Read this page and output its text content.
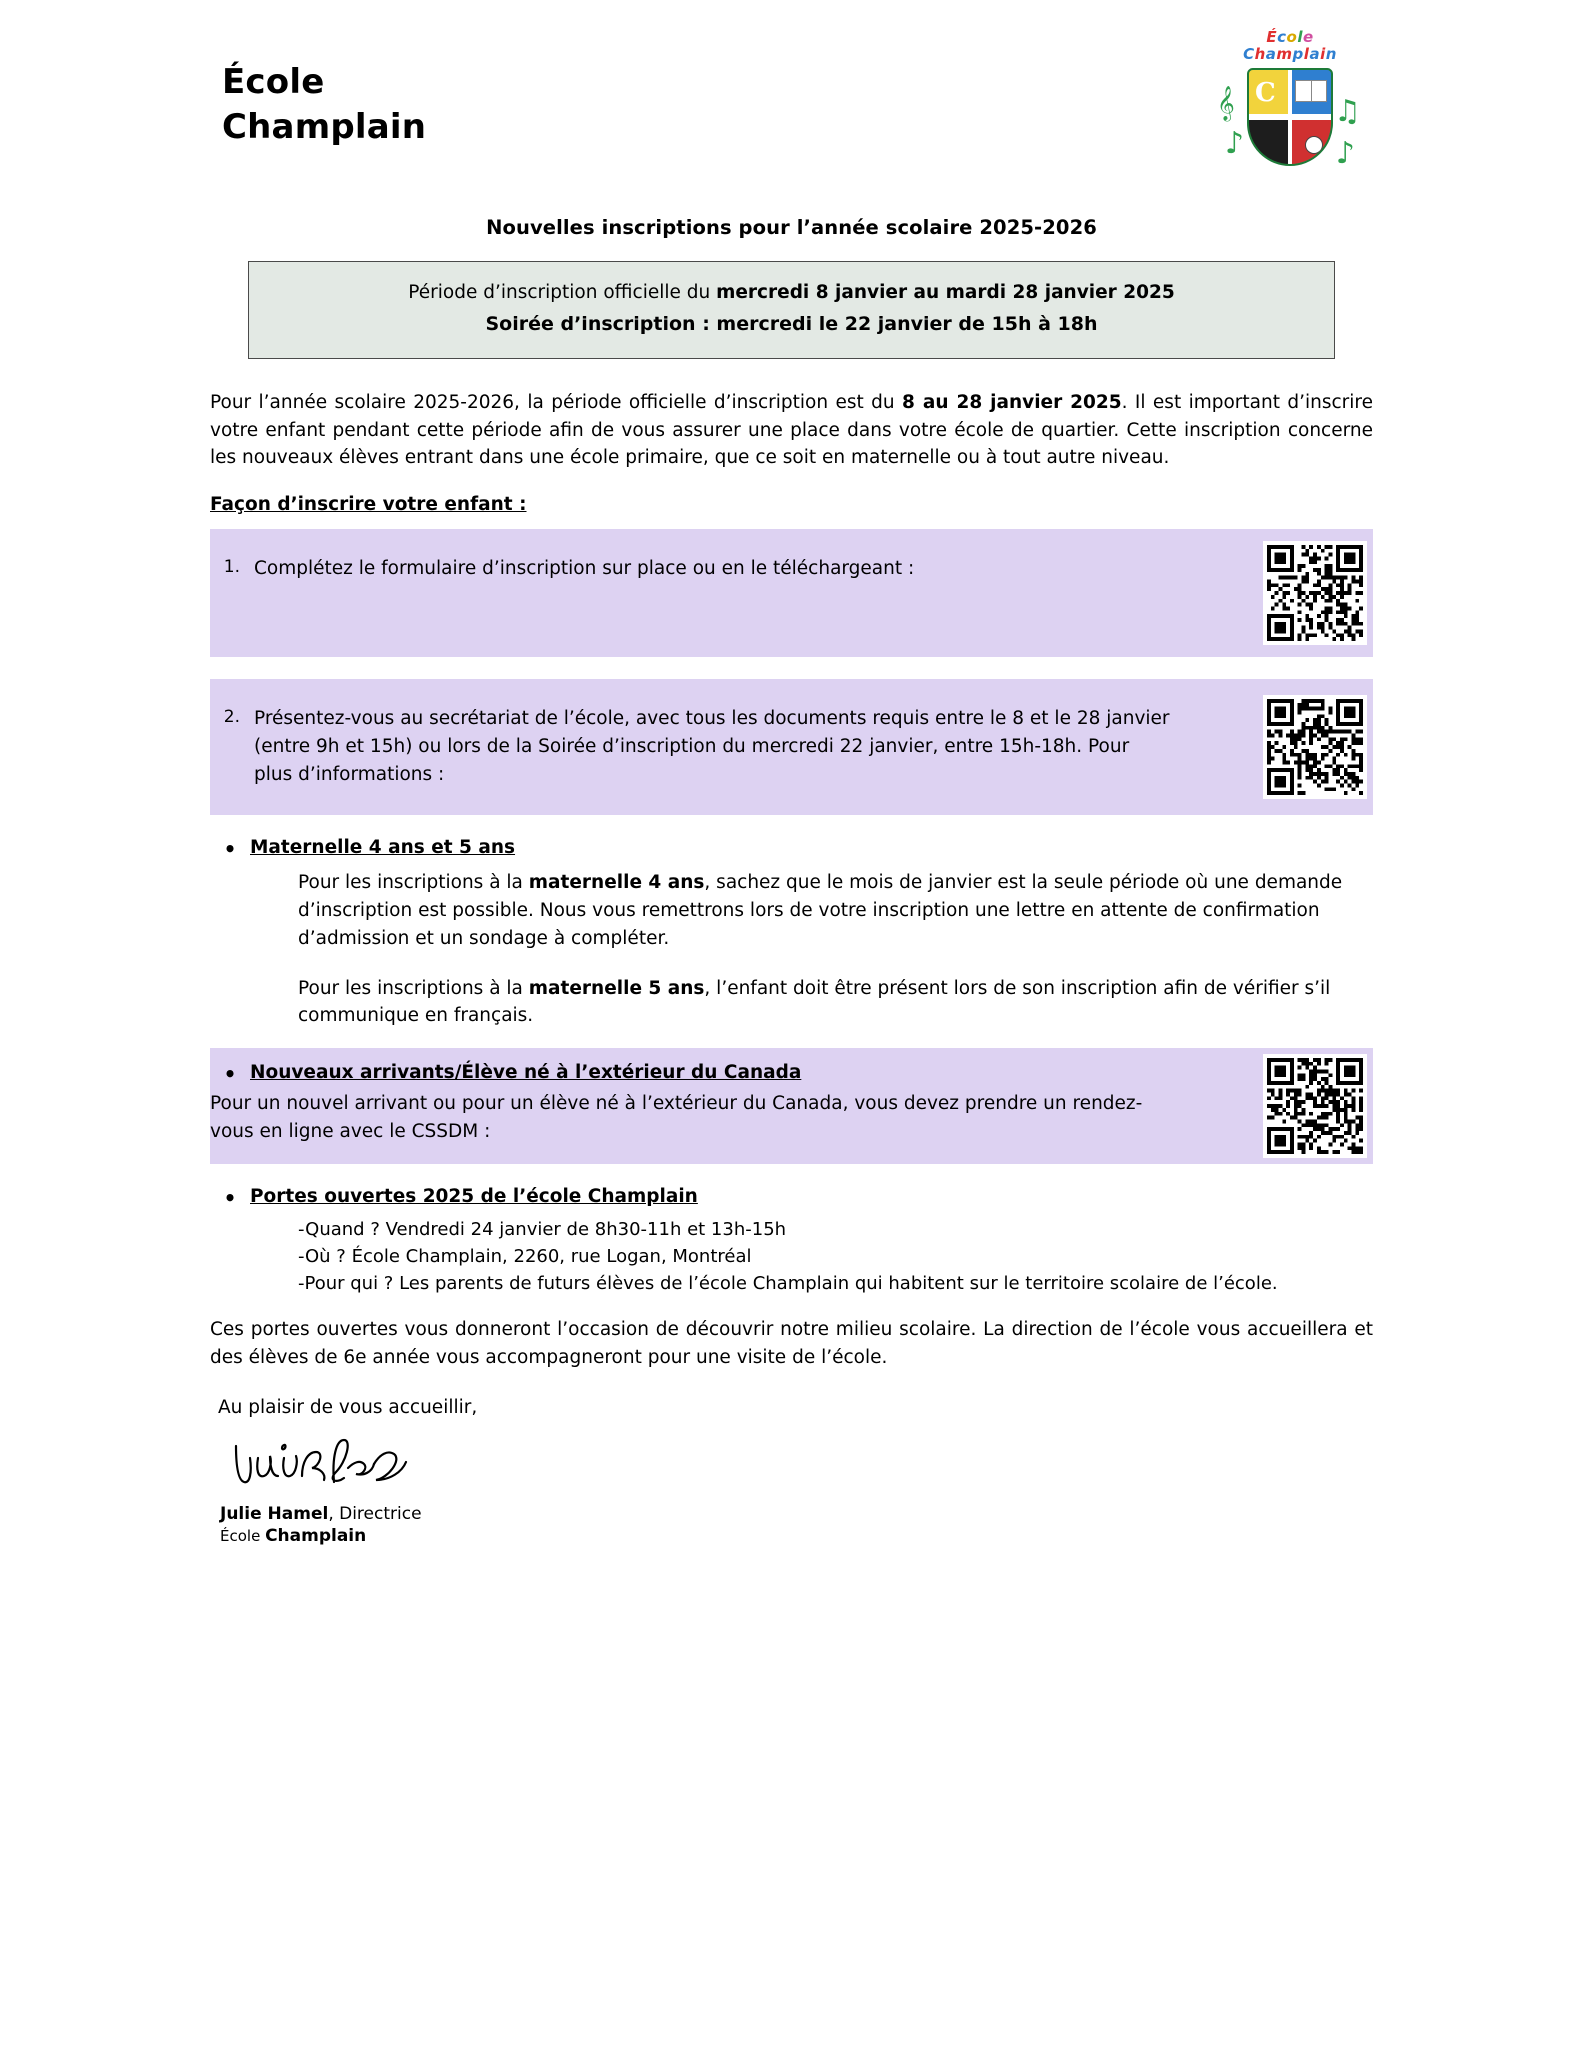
École
Champlain
𝄞
♪
♫
♪
École
Champlain
C
Nouvelles inscriptions pour l’année scolaire 2025-2026
Période d’inscription officielle du mercredi 8 janvier au mardi 28 janvier 2025
Soirée d’inscription : mercredi le 22 janvier de 15h à 18h

Pour l’année scolaire 2025-2026, la période officielle d’inscription est du 8 au 28 janvier 2025. Il est important d’inscrire votre enfant pendant cette période afin de vous assurer une place dans votre école de quartier. Cette inscription concerne les nouveaux élèves entrant dans une école primaire, que ce soit en maternelle ou à tout autre niveau.

Façon d’inscrire votre enfant :
1. Complétez le formulaire d’inscription sur place ou en le téléchargeant :
2. Présentez-vous au secrétariat de l’école, avec tous les documents requis entre le 8 et le 28 janvier (entre 9h et 15h) ou lors de la Soirée d’inscription du mercredi 22 janvier, entre 15h-18h. Pour plus d’informations :
• Maternelle 4 ans et 5 ans
Pour les inscriptions à la maternelle 4 ans, sachez que le mois de janvier est la seule période où une demande d’inscription est possible. Nous vous remettrons lors de votre inscription une lettre en attente de confirmation d’admission et un sondage à compléter.
Pour les inscriptions à la maternelle 5 ans, l’enfant doit être présent lors de son inscription afin de vérifier s’il communique en français.
• Nouveaux arrivants/Élève né à l’extérieur du Canada
Pour un nouvel arrivant ou pour un élève né à l’extérieur du Canada, vous devez prendre un rendez-vous en ligne avec le CSSDM :
• Portes ouvertes 2025 de l’école Champlain
-Quand ? Vendredi 24 janvier de 8h30-11h et 13h-15h
-Où ? École Champlain, 2260, rue Logan, Montréal
-Pour qui ? Les parents de futurs élèves de l’école Champlain qui habitent sur le territoire scolaire de l’école.

Ces portes ouvertes vous donneront l’occasion de découvrir notre milieu scolaire. La direction de l’école vous accueillera et des élèves de 6e année vous accompagneront pour une visite de l’école.

Au plaisir de vous accueillir,
Julie Hamel, Directrice
École Champlain
